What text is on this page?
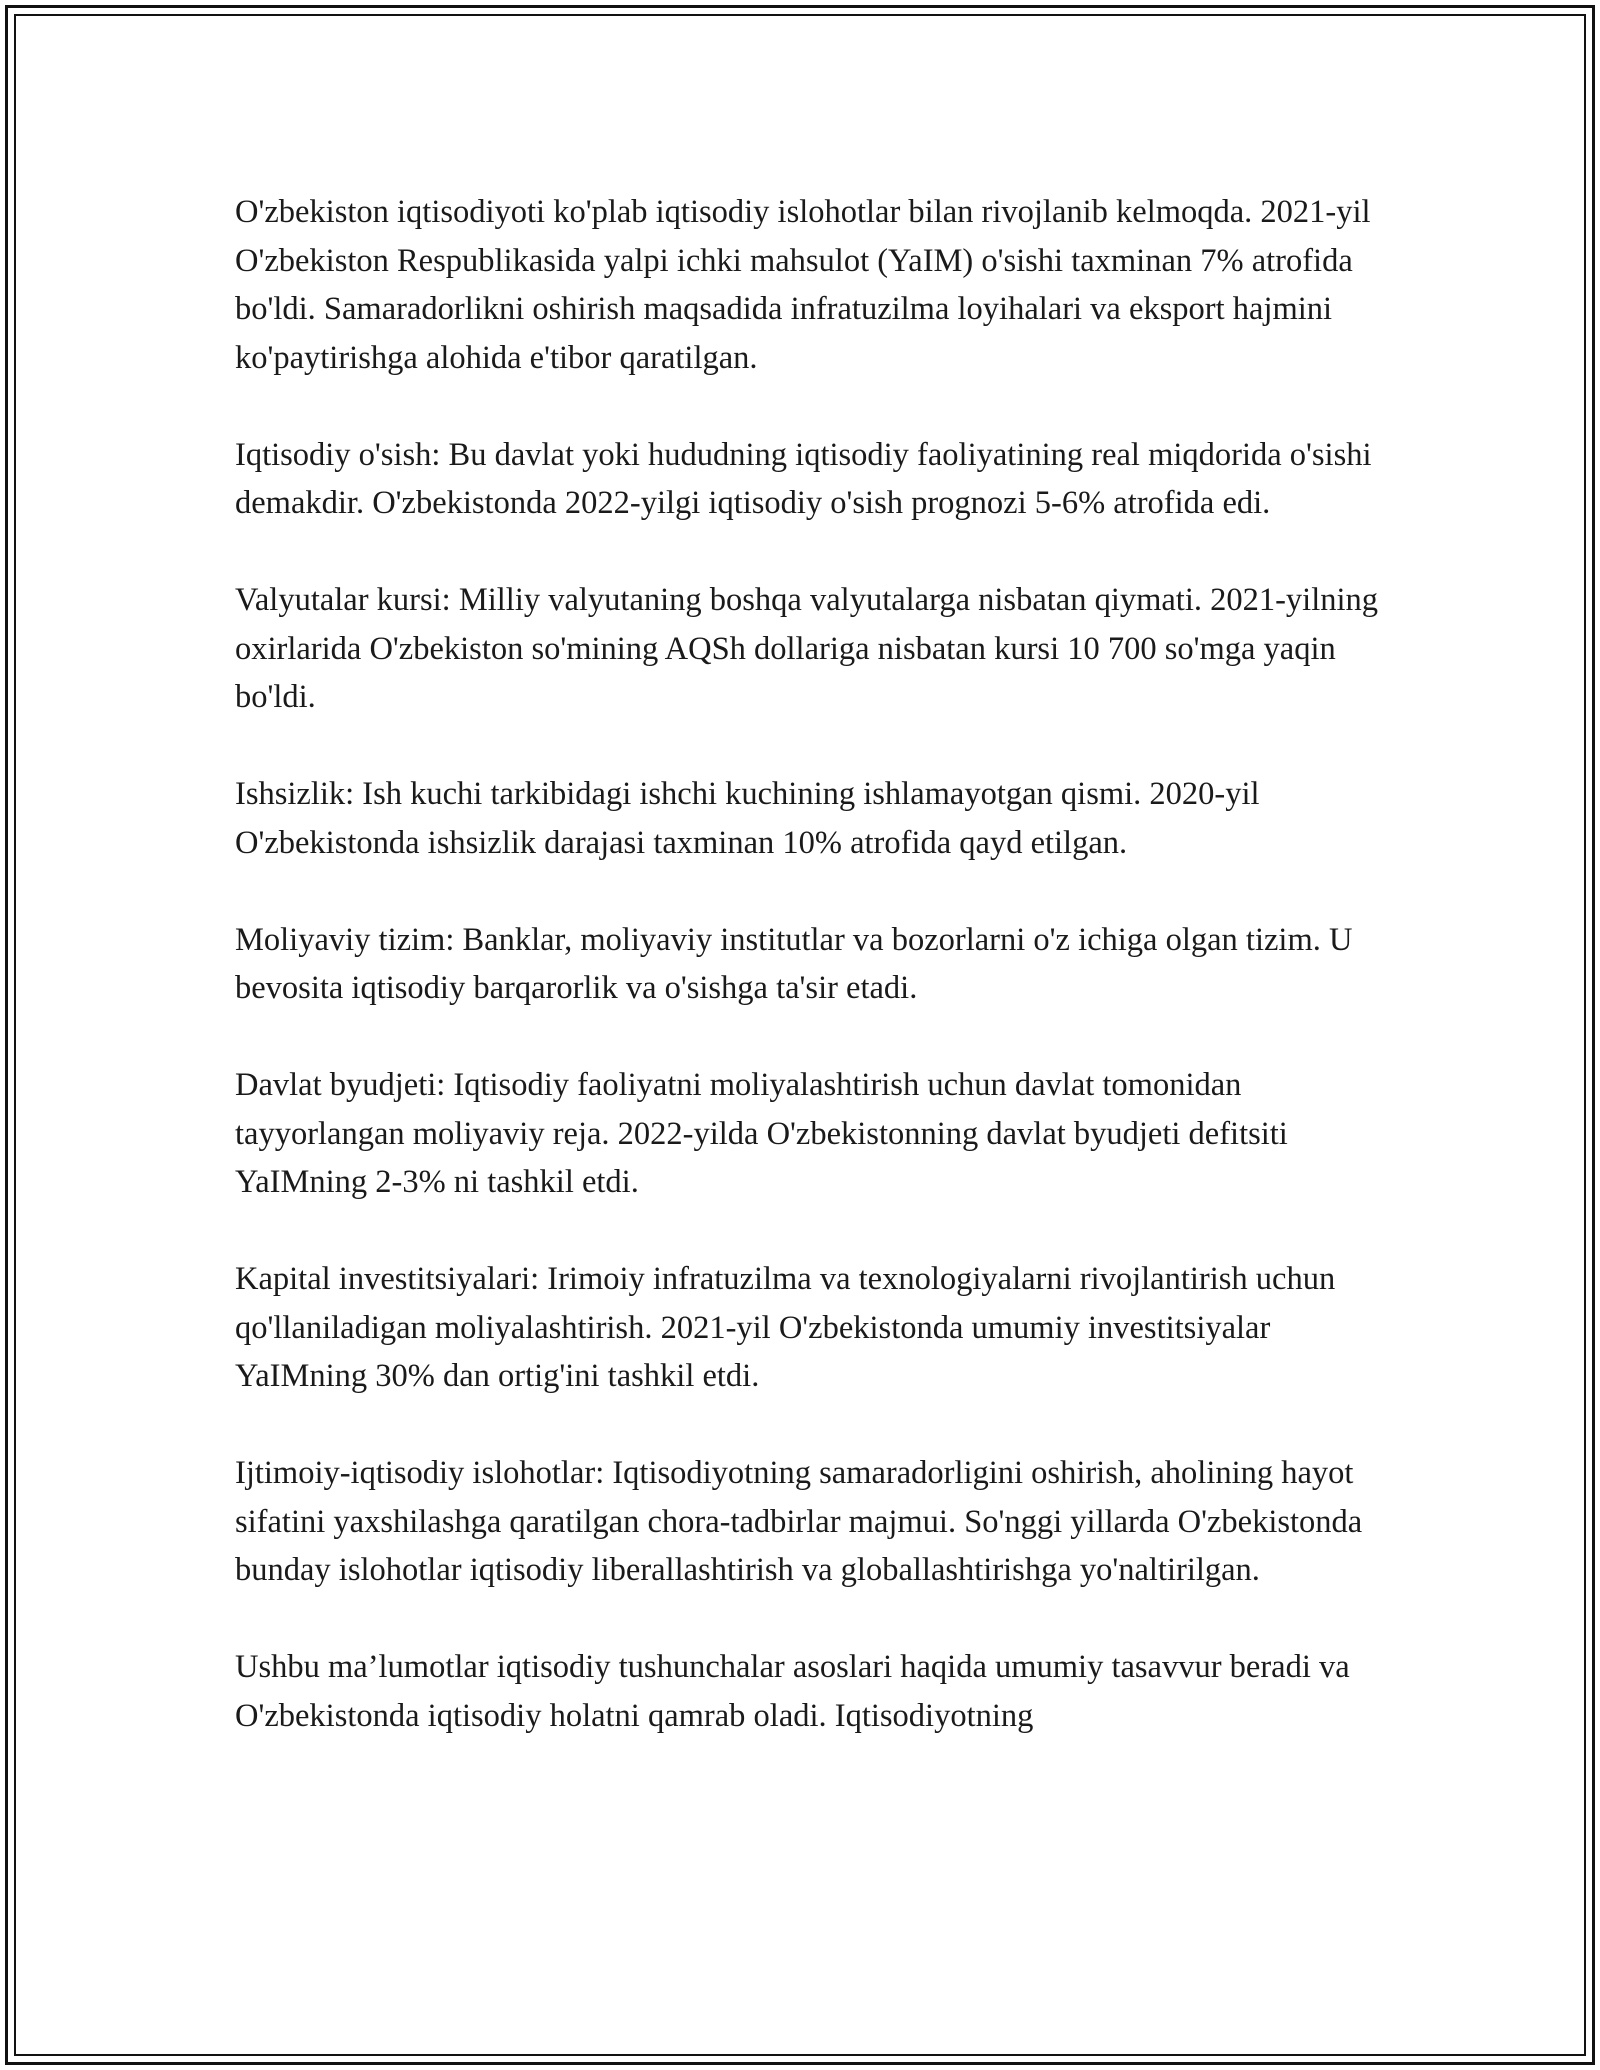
O'zbekiston iqtisodiyoti ko'plab iqtisodiy islohotlar bilan rivojlanib kelmoqda. 2021-yil O'zbekiston Respublikasida yalpi ichki mahsulot (YaIM) o'sishi taxminan 7% atrofida bo'ldi. Samaradorlikni oshirish maqsadida infratuzilma loyihalari va eksport hajmini ko'paytirishga alohida e'tibor qaratilgan.

Iqtisodiy o'sish: Bu davlat yoki hududning iqtisodiy faoliyatining real miqdorida o'sishi demakdir. O'zbekistonda 2022-yilgi iqtisodiy o'sish prognozi 5-6% atrofida edi.

Valyutalar kursi: Milliy valyutaning boshqa valyutalarga nisbatan qiymati. 2021-yilning oxirlarida O'zbekiston so'mining AQSh dollariga nisbatan kursi 10 700 so'mga yaqin bo'ldi.

Ishsizlik: Ish kuchi tarkibidagi ishchi kuchining ishlamayotgan qismi. 2020-yil O'zbekistonda ishsizlik darajasi taxminan 10% atrofida qayd etilgan.

Moliyaviy tizim: Banklar, moliyaviy institutlar va bozorlarni o'z ichiga olgan tizim. U bevosita iqtisodiy barqarorlik va o'sishga ta'sir etadi.

Davlat byudjeti: Iqtisodiy faoliyatni moliyalashtirish uchun davlat tomonidan tayyorlangan moliyaviy reja. 2022-yilda O'zbekistonning davlat byudjeti defitsiti YaIMning 2-3% ni tashkil etdi.

Kapital investitsiyalari: Irimoiy infratuzilma va texnologiyalarni rivojlantirish uchun qo'llaniladigan moliyalashtirish. 2021-yil O'zbekistonda umumiy investitsiyalar YaIMning 30% dan ortig'ini tashkil etdi.

Ijtimoiy-iqtisodiy islohotlar: Iqtisodiyotning samaradorligini oshirish, aholining hayot sifatini yaxshilashga qaratilgan chora-tadbirlar majmui. So'nggi yillarda O'zbekistonda bunday islohotlar iqtisodiy liberallashtirish va globallashtirishga yo'naltirilgan.

Ushbu ma’lumotlar iqtisodiy tushunchalar asoslari haqida umumiy tasavvur beradi va O'zbekistonda iqtisodiy holatni qamrab oladi. Iqtisodiyotning
